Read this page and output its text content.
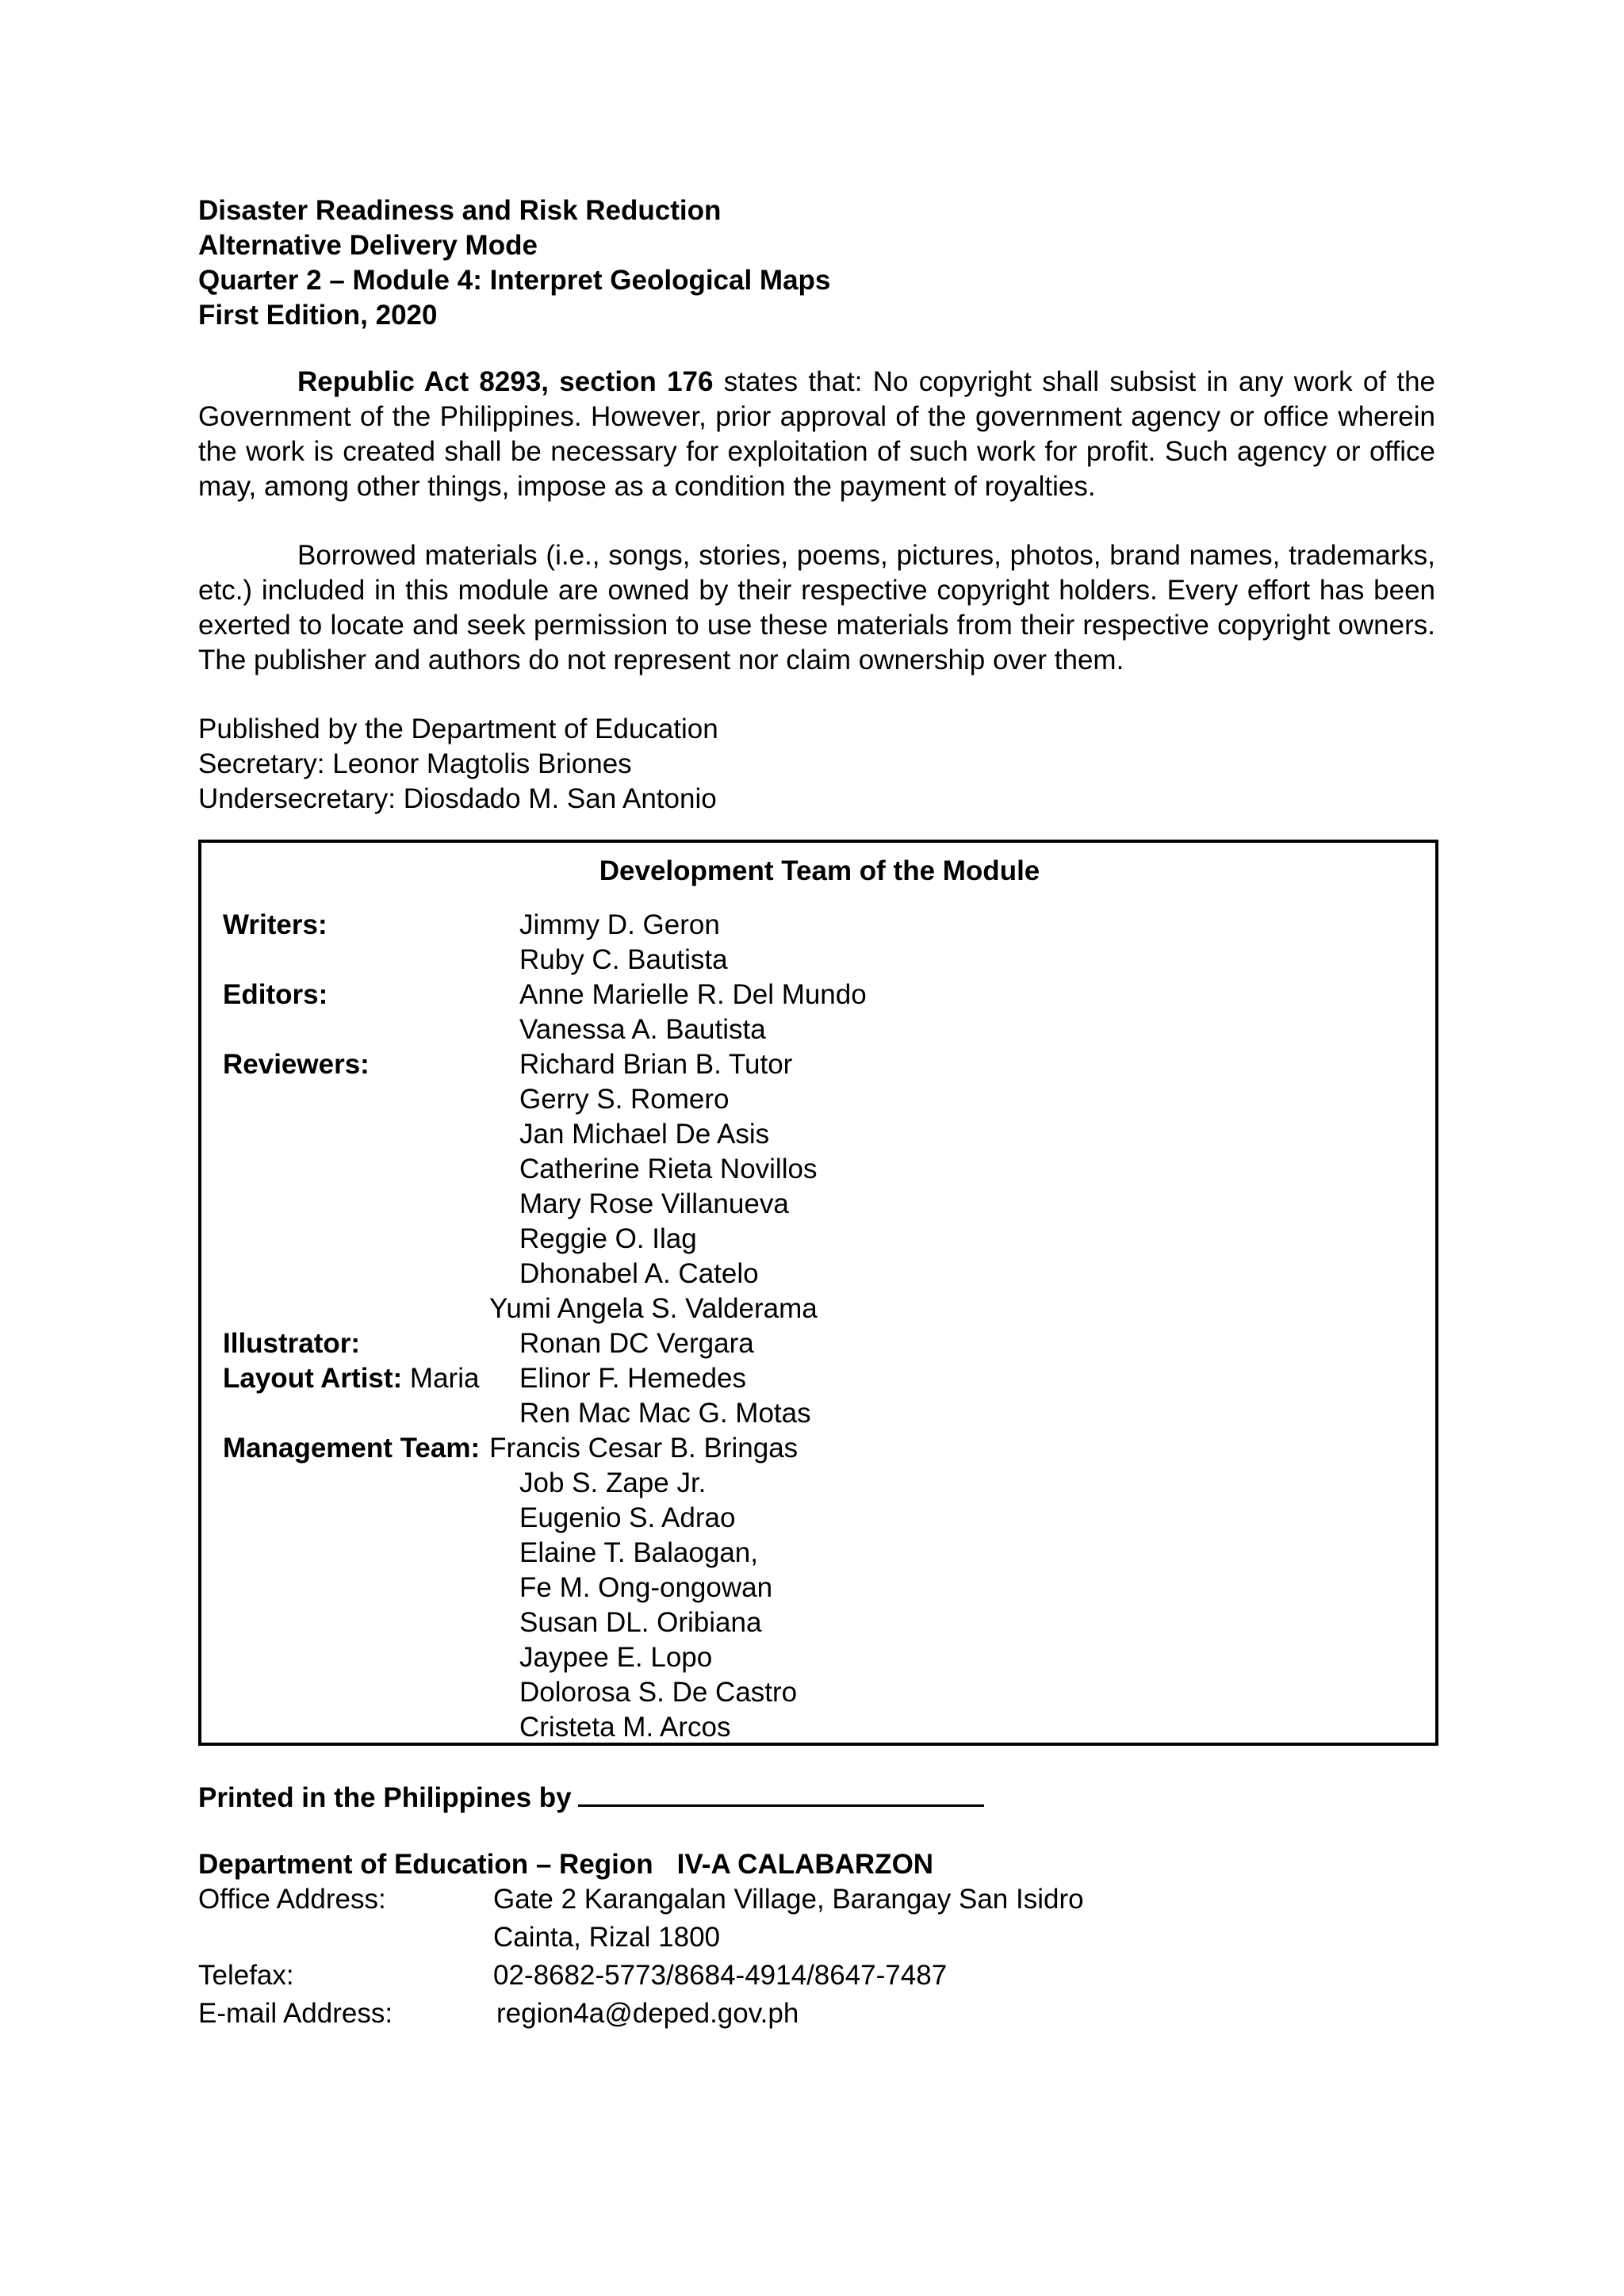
Disaster Readiness and Risk Reduction
Alternative Delivery Mode
Quarter 2 – Module 4: Interpret Geological Maps
First Edition, 2020

Republic Act 8293, section 176 states that: No copyright shall subsist in any work of the Government of the Philippines. However, prior approval of the government agency or office wherein the work is created shall be necessary for exploitation of such work for profit. Such agency or office may, among other things, impose as a condition the payment of royalties.

Borrowed materials (i.e., songs, stories, poems, pictures, photos, brand names, trademarks, etc.) included in this module are owned by their respective copyright holders. Every effort has been exerted to locate and seek permission to use these materials from their respective copyright owners. The publisher and authors do not represent nor claim ownership over them.

Published by the Department of Education
Secretary: Leonor Magtolis Briones
Undersecretary: Diosdado M. San Antonio
Development Team of the Module
Writers:	Jimmy D. Geron
Ruby C. Bautista
Editors:	Anne Marielle R. Del Mundo
Vanessa A. Bautista
Reviewers:	Richard Brian B. Tutor
Gerry S. Romero
Jan Michael De Asis
Catherine Rieta Novillos
Mary Rose Villanueva
Reggie O. Ilag
Dhonabel A. Catelo
Yumi Angela S. Valderama
Illustrator:	Ronan DC Vergara
Layout Artist: Maria	Elinor F. Hemedes
Ren Mac Mac G. Motas
Management Team: Francis Cesar B. Bringas
Job S. Zape Jr.
Eugenio S. Adrao
Elaine T. Balaogan,
Fe M. Ong-ongowan
Susan DL. Oribiana
Jaypee E. Lopo
Dolorosa S. De Castro
Cristeta M. Arcos
Printed in the Philippines by
Department of Education – Region IV-A CALABARZON
Office Address:	Gate 2 Karangalan Village, Barangay San Isidro
Cainta, Rizal 1800
Telefax:	02-8682-5773/8684-4914/8647-7487
E-mail Address:	region4a@deped.gov.ph
